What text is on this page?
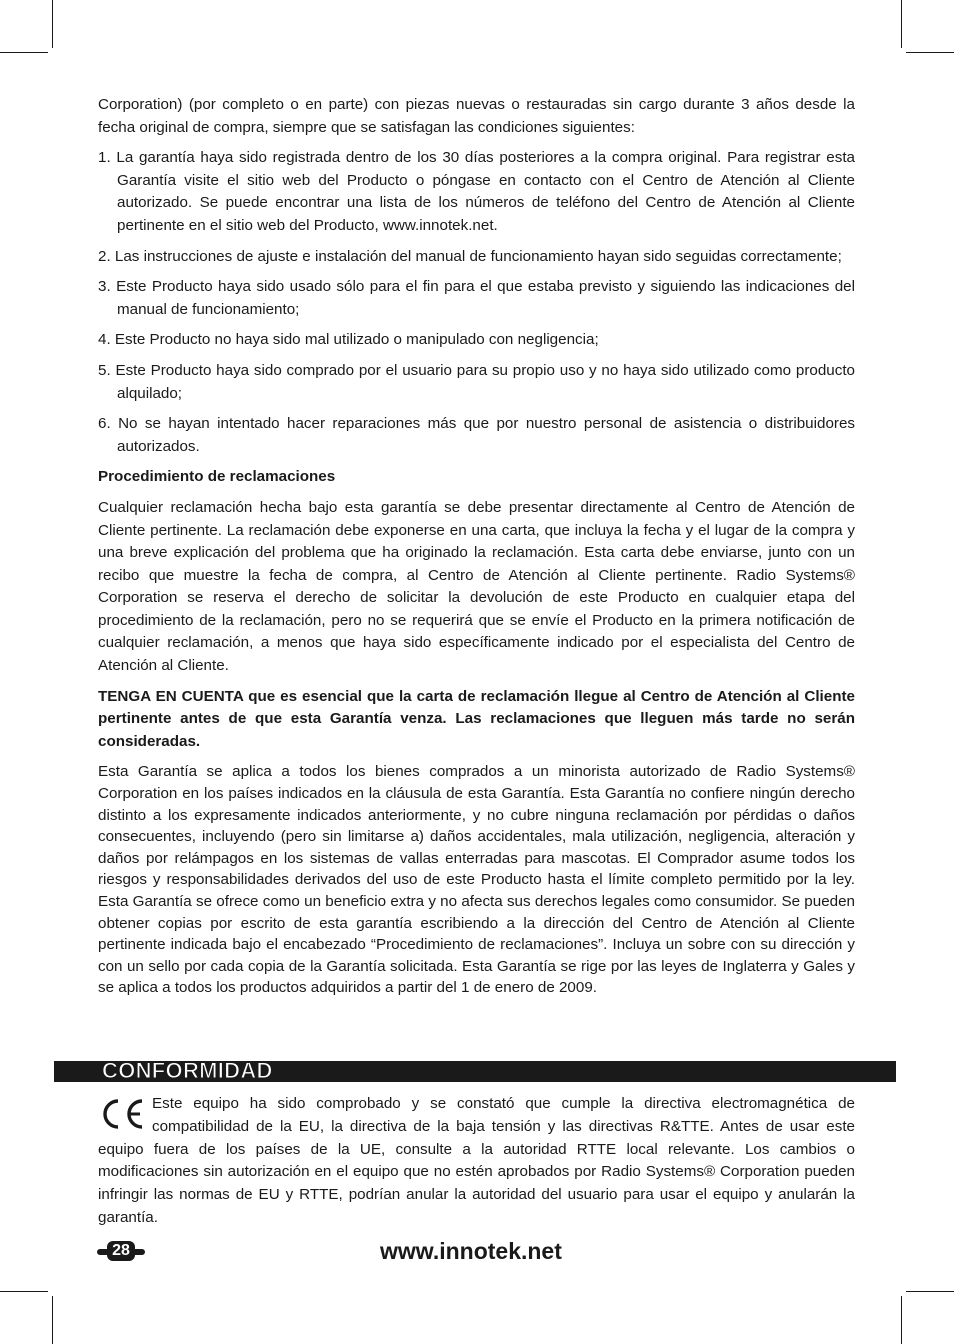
Corporation) (por completo o en parte) con piezas nuevas o restauradas sin cargo durante 3 años desde la fecha original de compra, siempre que se satisfagan las condiciones siguientes:

1. La garantía haya sido registrada dentro de los 30 días posteriores a la compra original. Para registrar esta Garantía visite el sitio web del Producto o póngase en contacto con el Centro de Atención al Cliente autorizado. Se puede encontrar una lista de los números de teléfono del Centro de Atención al Cliente pertinente en el sitio web del Producto, www.innotek.net.
2. Las instrucciones de ajuste e instalación del manual de funcionamiento hayan sido seguidas correctamente;
3. Este Producto haya sido usado sólo para el fin para el que estaba previsto y siguiendo las indicaciones del manual de funcionamiento;
4. Este Producto no haya sido mal utilizado o manipulado con negligencia;
5. Este Producto haya sido comprado por el usuario para su propio uso y no haya sido utilizado como producto alquilado;
6. No se hayan intentado hacer reparaciones más que por nuestro personal de asistencia o distribuidores autorizados.

Procedimiento de reclamaciones

Cualquier reclamación hecha bajo esta garantía se debe presentar directamente al Centro de Atención de Cliente pertinente. La reclamación debe exponerse en una carta, que incluya la fecha y el lugar de la compra y una breve explicación del problema que ha originado la reclamación. Esta carta debe enviarse, junto con un recibo que muestre la fecha de compra, al Centro de Atención al Cliente pertinente. Radio Systems® Corporation se reserva el derecho de solicitar la devolución de este Producto en cualquier etapa del procedimiento de la reclamación, pero no se requerirá que se envíe el Producto en la primera notificación de cualquier reclamación, a menos que haya sido específicamente indicado por el especialista del Centro de Atención al Cliente.

TENGA EN CUENTA que es esencial que la carta de reclamación llegue al Centro de Atención al Cliente pertinente antes de que esta Garantía venza. Las reclamaciones que lleguen más tarde no serán consideradas.

Esta Garantía se aplica a todos los bienes comprados a un minorista autorizado de Radio Systems® Corporation en los países indicados en la cláusula de esta Garantía. Esta Garantía no confiere ningún derecho distinto a los expresamente indicados anteriormente, y no cubre ninguna reclamación por pérdidas o daños consecuentes, incluyendo (pero sin limitarse a) daños accidentales, mala utilización, negligencia, alteración y daños por relámpagos en los sistemas de vallas enterradas para mascotas. El Comprador asume todos los riesgos y responsabilidades derivados del uso de este Producto hasta el límite completo permitido por la ley. Esta Garantía se ofrece como un beneficio extra y no afecta sus derechos legales como consumidor. Se pueden obtener copias por escrito de esta garantía escribiendo a la dirección del Centro de Atención al Cliente pertinente indicada bajo el encabezado “Procedimiento de reclamaciones”. Incluya un sobre con su dirección y con un sello por cada copia de la Garantía solicitada. Esta Garantía se rige por las leyes de Inglaterra y Gales y se aplica a todos los productos adquiridos a partir del 1 de enero de 2009.

CONFORMIDAD
Este equipo ha sido comprobado y se constató que cumple la directiva electromagnética de compatibilidad de la EU, la directiva de la baja tensión y las directivas R&TTE. Antes de usar este equipo fuera de los países de la UE, consulte a la autoridad RTTE local relevante. Los cambios o modificaciones sin autorización en el equipo que no estén aprobados por Radio Systems® Corporation pueden infringir las normas de EU y RTTE, podrían anular la autoridad del usuario para usar el equipo y anularán la garantía.
28	www.innotek.net
